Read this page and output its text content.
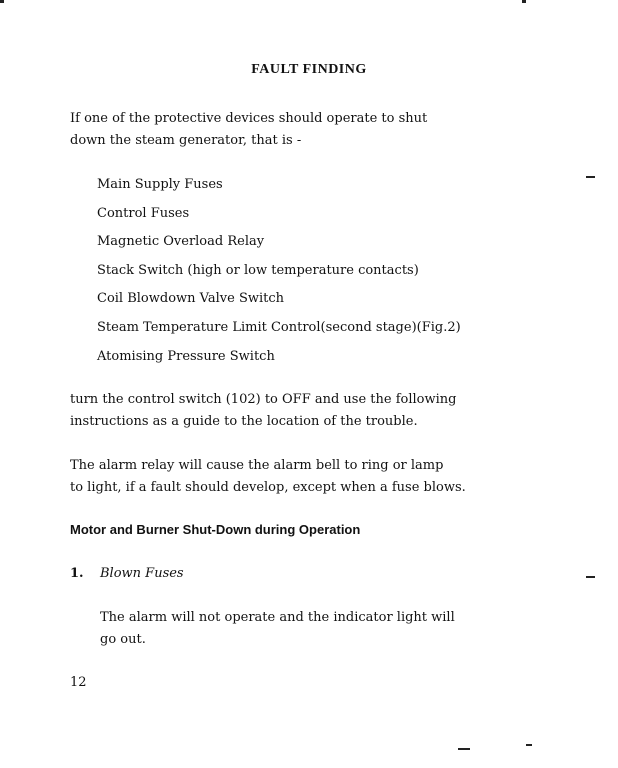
FAULT FINDING
If one of the protective devices should operate to shut
down the steam generator, that is -
Main Supply Fuses
Control Fuses
Magnetic Overload Relay
Stack Switch (high or low temperature contacts)
Coil Blowdown Valve Switch
Steam Temperature Limit Control(second stage)(Fig.2)
Atomising Pressure Switch
turn the control switch (102) to OFF and use the following
instructions as a guide to the location of the trouble.
The alarm relay will cause the alarm bell to ring or lamp
to light, if a fault should develop, except when a fuse blows.
Motor and Burner Shut-Down during Operation
1. Blown Fuses
The alarm will not operate and the indicator light will
go out.
12
